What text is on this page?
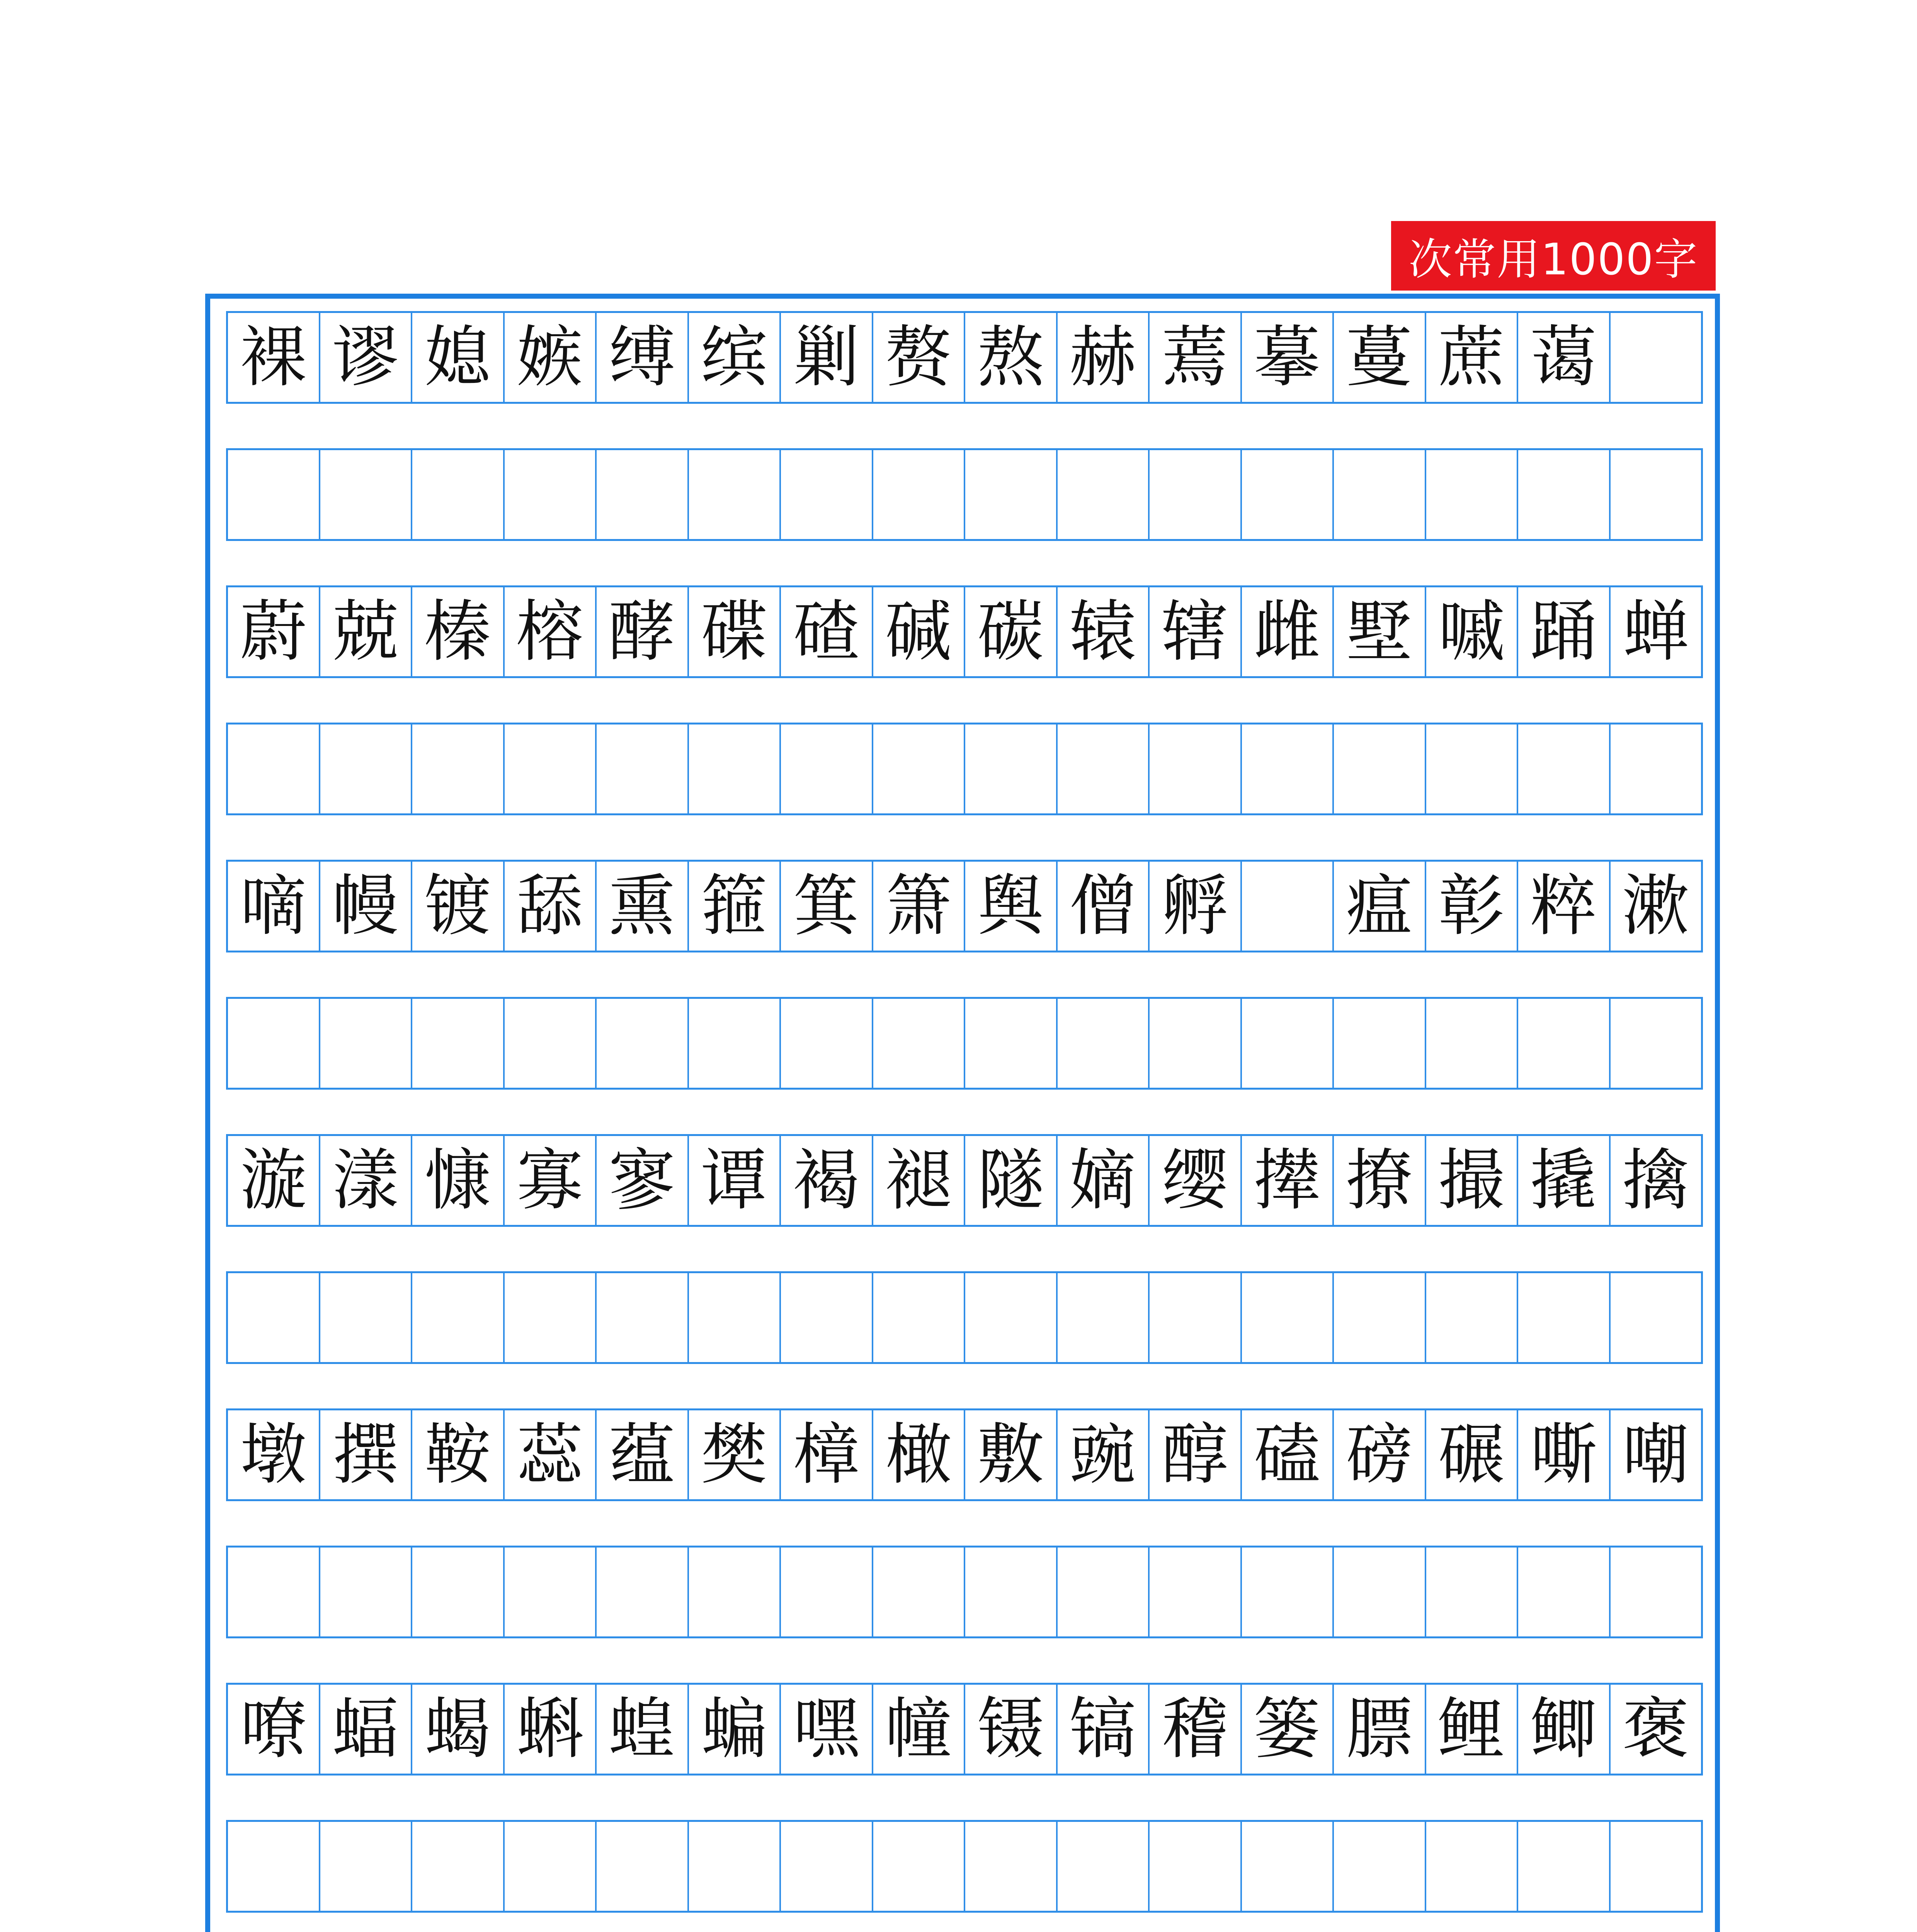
次常用1000字
裸 谬 媳 嫉 缚 缤 剿 赘 熬 赫 蔫 摹 蔓 蔗 蔼
蔚 兢 榛 榕 酵 碟 碴 碱 碳 辕 辖 雌 墅 嘁 踊 蝉
嘀 幔 镀 舔 熏 箍 箕 箫 舆 僧 孵 瘟 彰 粹 漱
漩 漾 慷 寡 寥 谭 褐 褪 隧 嫡 缨 撵 撩 撮 撬 擒
墩 撰 鞍 蕊 蕴 樊 樟 橄 敷 豌 醇 磕 磅 碾 嘶 嘲
嘹 蝠 蝎 蝌 蝗 蝙 嘿 幢 镊 镐 稽 篓 膘 鲤 鲫 褒
